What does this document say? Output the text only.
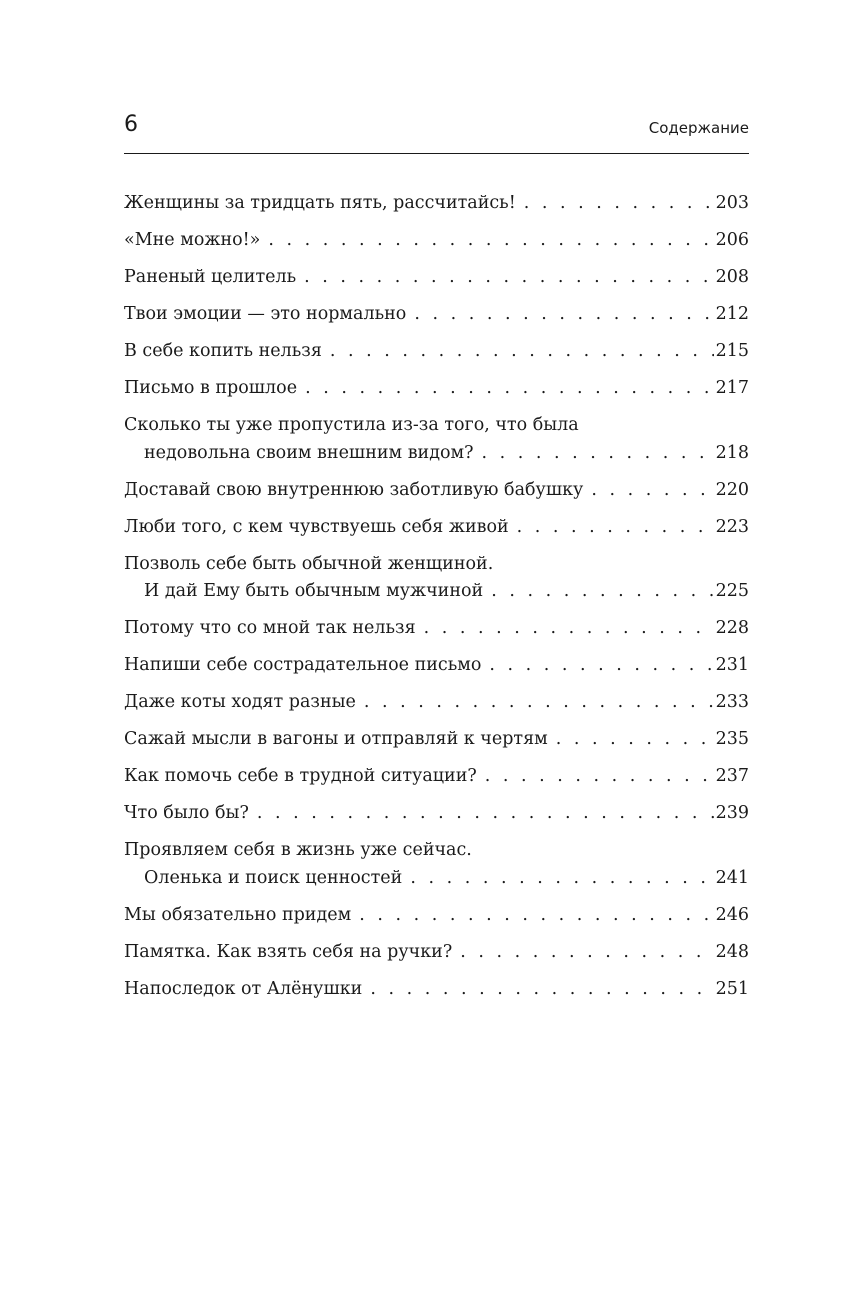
6	Содержание
Женщины за тридцать пять, рассчитайсь! . . .	203
«Мне можно!» . . .	206
Раненый целитель . . .	208
Твои эмоции — это нормально . . .	212
В себе копить нельзя . . .	215
Письмо в прошлое . . .	217
Сколько ты уже пропустила из-за того, что была
недовольна своим внешним видом? . . .	218
Доставай свою внутреннюю заботливую бабушку . . .	220
Люби того, с кем чувствуешь себя живой . . .	223
Позволь себе быть обычной женщиной.
И дай Ему быть обычным мужчиной . . .	225
Потому что со мной так нельзя . . .	228
Напиши себе сострадательное письмо . . .	231
Даже коты ходят разные . . .	233
Сажай мысли в вагоны и отправляй к чертям . . .	235
Как помочь себе в трудной ситуации? . . .	237
Что было бы? . . .	239
Проявляем себя в жизнь уже сейчас.
Оленька и поиск ценностей . . .	241
Мы обязательно придем . . .	246
Памятка. Как взять себя на ручки? . . .	248
Напоследок от Алёнушки . . .	251
